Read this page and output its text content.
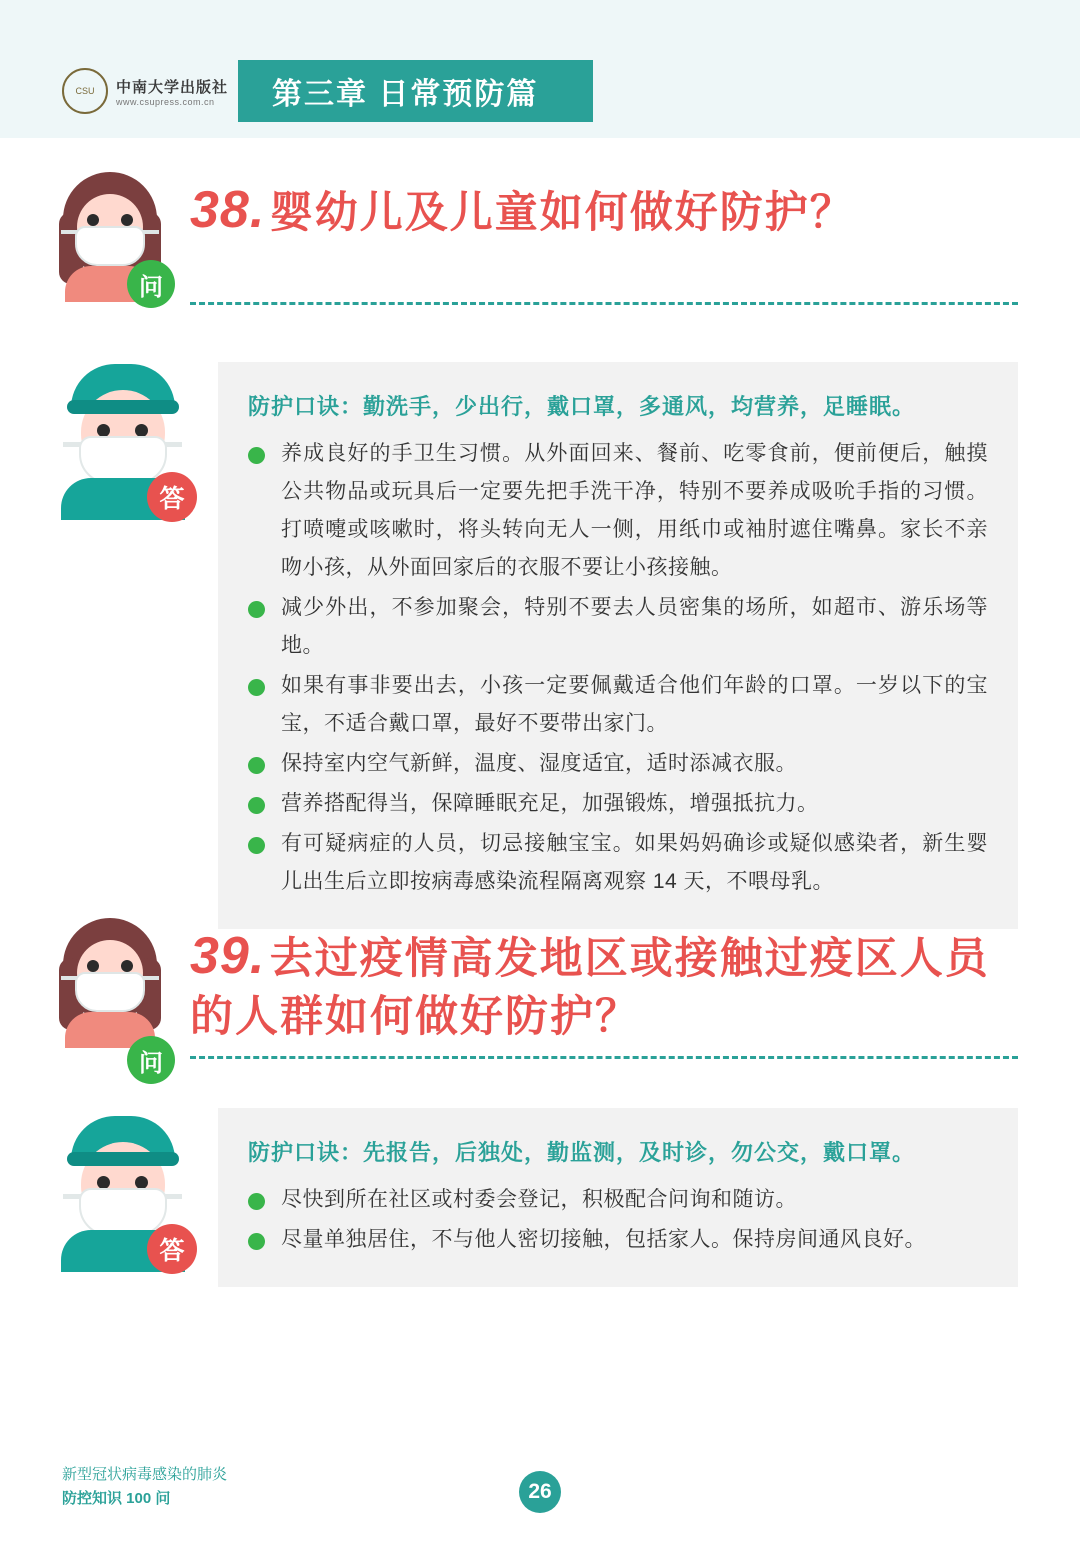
CSU 中南大学出版社
www.csupress.com.cn	第三章 日常预防篇
问
38. 婴幼儿及儿童如何做好防护？
答
防护口诀：勤洗手，少出行，戴口罩，多通风，均营养，足睡眠。
养成良好的手卫生习惯。从外面回来、餐前、吃零食前，便前便后，触摸公共物品或玩具后一定要先把手洗干净，特别不要养成吸吮手指的习惯。打喷嚏或咳嗽时，将头转向无人一侧，用纸巾或袖肘遮住嘴鼻。家长不亲吻小孩，从外面回家后的衣服不要让小孩接触。
减少外出，不参加聚会，特别不要去人员密集的场所，如超市、游乐场等地。
如果有事非要出去，小孩一定要佩戴适合他们年龄的口罩。一岁以下的宝宝，不适合戴口罩，最好不要带出家门。
保持室内空气新鲜，温度、湿度适宜，适时添减衣服。
营养搭配得当，保障睡眠充足，加强锻炼，增强抵抗力。
有可疑病症的人员，切忌接触宝宝。如果妈妈确诊或疑似感染者，新生婴儿出生后立即按病毒感染流程隔离观察 14 天，不喂母乳。
问
39. 去过疫情高发地区或接触过疫区人员的人群如何做好防护？
答
防护口诀：先报告，后独处，勤监测，及时诊，勿公交，戴口罩。
尽快到所在社区或村委会登记，积极配合问询和随访。
尽量单独居住，不与他人密切接触，包括家人。保持房间通风良好。
新型冠状病毒感染的肺炎
防控知识 100 问	26
